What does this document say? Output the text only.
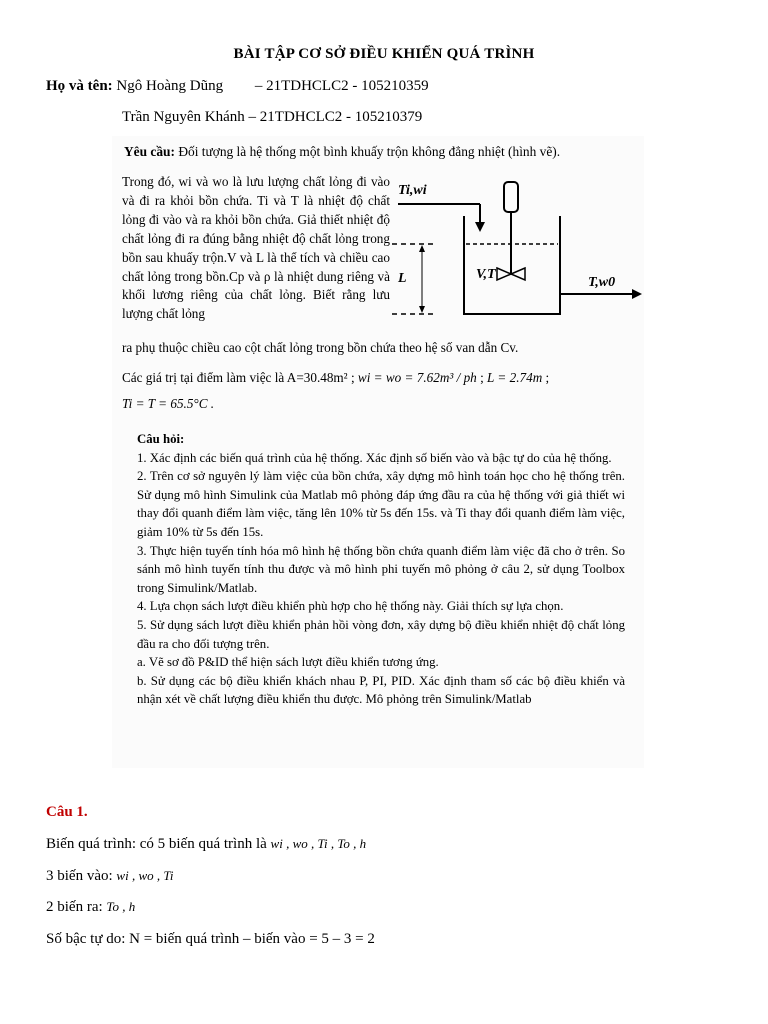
BÀI TẬP CƠ SỞ ĐIỀU KHIỂN QUÁ TRÌNH
Họ và tên: Ngô Hoàng Dũng – 21TDHCLC2 - 105210359
Trần Nguyên Khánh – 21TDHCLC2 - 105210379

Yêu cầu: Đối tượng là hệ thống một bình khuấy trộn không đẳng nhiệt (hình vẽ).

Trong đó, wi và wo là lưu lượng chất lỏng đi vào và đi ra khỏi bồn chứa. Ti và T là nhiệt độ chất lỏng đi vào và ra khỏi bồn chứa. Giả thiết nhiệt độ chất lỏng đi ra đúng bằng nhiệt độ chất lỏng trong bồn sau khuấy trộn.V và L là thể tích và chiều cao chất lỏng trong bồn.Cp và ρ là nhiệt dung riêng và khối lương riêng của chất lỏng. Biết rằng lưu lượng chất lỏng

ra phụ thuộc chiều cao cột chất lỏng trong bồn chứa theo hệ số van dẫn Cv.

Ti,wi
L	V,T
T,w0

Các giá trị tại điểm làm việc là A=30.48m² ; wi = wo = 7.62m³ / ph ; L = 2.74m ;

Ti = T = 65.5°C .

Câu hỏi:

1. Xác định các biến quá trình của hệ thống. Xác định số biến vào và bậc tự do của hệ thống.

2. Trên cơ sở nguyên lý làm việc của bồn chứa, xây dựng mô hình toán học cho hệ thống trên. Sử dụng mô hình Simulink của Matlab mô phỏng đáp ứng đầu ra của hệ thống với giả thiết wi thay đổi quanh điểm làm việc, tăng lên 10% từ 5s đến 15s. và Ti thay đổi quanh điểm làm việc, giảm 10% từ 5s đến 15s.

3. Thực hiện tuyến tính hóa mô hình hệ thống bồn chứa quanh điểm làm việc đã cho ở trên. So sánh mô hình tuyến tính thu được và mô hình phi tuyến mô phỏng ở câu 2, sử dụng Toolbox trong Simulink/Matlab.

4. Lựa chọn sách lượt điều khiển phù hợp cho hệ thống này. Giải thích sự lựa chọn.

5. Sử dụng sách lượt điều khiển phản hồi vòng đơn, xây dựng bộ điều khiển nhiệt độ chất lỏng đầu ra cho đối tượng trên.

a. Vẽ sơ đồ P&ID thể hiện sách lượt điều khiển tương ứng.

b. Sử dụng các bộ điều khiển khách nhau P, PI, PID. Xác định tham số các bộ điều khiển và nhận xét về chất lượng điều khiển thu được. Mô phỏng trên Simulink/Matlab

Câu 1.
Biến quá trình: có 5 biến quá trình là wi , wo , Ti , To , h
3 biến vào: wi , wo , Ti
2 biến ra: To , h
Số bậc tự do: N = biến quá trình – biến vào = 5 – 3 = 2
